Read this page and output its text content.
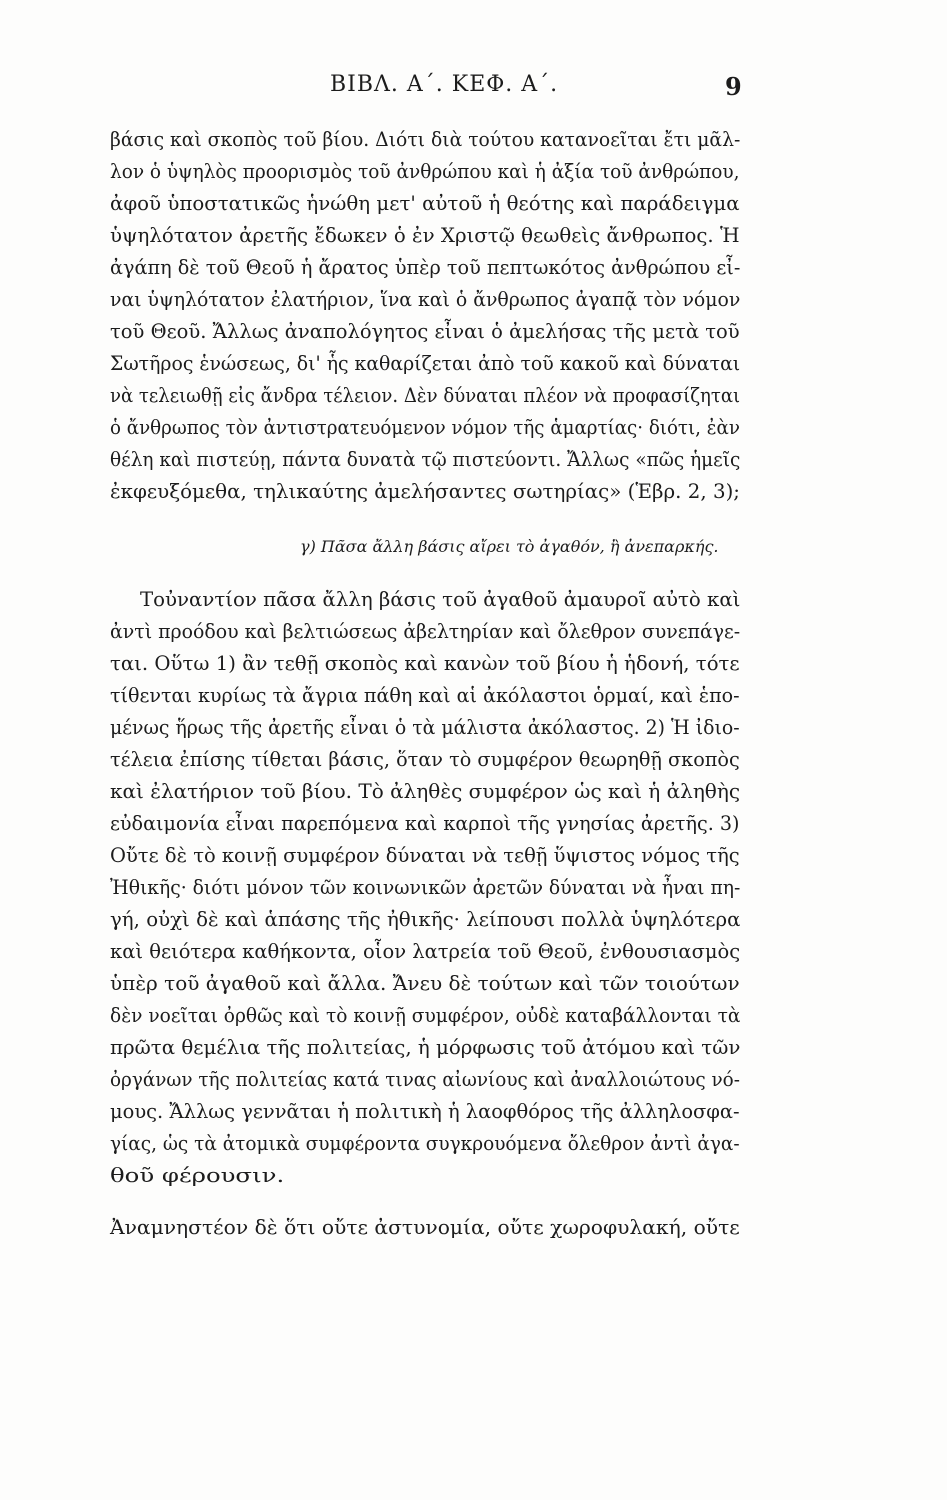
ΒΙΒΛ. Α΄. ΚΕΦ. Α΄.	9
βάσις καὶ σκοπὸς τοῦ βίου. Διότι διὰ τούτου κατανοεῖται ἔτι μᾶλ-
λον ὁ ὑψηλὸς προορισμὸς τοῦ ἀνθρώπου καὶ ἡ ἀξία τοῦ ἀνθρώπου,
ἀφοῦ ὑποστατικῶς ἡνώθη μετ' αὐτοῦ ἡ θεότης καὶ παράδειγμα
ὑψηλότατον ἀρετῆς ἔδωκεν ὁ ἐν Χριστῷ θεωθεὶς ἄνθρωπος. Ἡ
ἀγάπη δὲ τοῦ Θεοῦ ἡ ἄρατος ὑπὲρ τοῦ πεπτωκότος ἀνθρώπου εἶ-
ναι ὑψηλότατον ἐλατήριον, ἵνα καὶ ὁ ἄνθρωπος ἀγαπᾷ τὸν νόμον
τοῦ Θεοῦ. Ἄλλως ἀναπολόγητος εἶναι ὁ ἀμελήσας τῆς μετὰ τοῦ
Σωτῆρος ἑνώσεως, δι' ἧς καθαρίζεται ἀπὸ τοῦ κακοῦ καὶ δύναται
νὰ τελειωθῇ εἰς ἄνδρα τέλειον. Δὲν δύναται πλέον νὰ προφασίζηται
ὁ ἄνθρωπος τὸν ἀντιστρατευόμενον νόμον τῆς ἁμαρτίας· διότι, ἐὰν
θέλη καὶ πιστεύῃ, πάντα δυνατὰ τῷ πιστεύοντι. Ἄλλως «πῶς ἡμεῖς
ἐκφευξόμεθα, τηλικαύτης ἀμελήσαντες σωτηρίας» (Ἑβρ. 2, 3);
γ) Πᾶσα ἄλλη βάσις αἴρει τὸ ἀγαθόν, ἢ ἀνεπαρκής.
Τοὐναντίον πᾶσα ἄλλη βάσις τοῦ ἀγαθοῦ ἀμαυροῖ αὐτὸ καὶ
ἀντὶ προόδου καὶ βελτιώσεως ἀβελτηρίαν καὶ ὄλεθρον συνεπάγε-
ται. Οὕτω 1) ἂν τεθῇ σκοπὸς καὶ κανὼν τοῦ βίου ἡ ἡδονή, τότε
τίθενται κυρίως τὰ ἄγρια πάθη καὶ αἱ ἀκόλαστοι ὁρμαί, καὶ ἑπο-
μένως ἥρως τῆς ἀρετῆς εἶναι ὁ τὰ μάλιστα ἀκόλαστος. 2) Ἡ ἰδιο-
τέλεια ἐπίσης τίθεται βάσις, ὅταν τὸ συμφέρον θεωρηθῇ σκοπὸς
καὶ ἐλατήριον τοῦ βίου. Τὸ ἀληθὲς συμφέρον ὡς καὶ ἡ ἀληθὴς
εὐδαιμονία εἶναι παρεπόμενα καὶ καρποὶ τῆς γνησίας ἀρετῆς. 3)
Οὔτε δὲ τὸ κοινῇ συμφέρον δύναται νὰ τεθῇ ὕψιστος νόμος τῆς
Ἠθικῆς· διότι μόνον τῶν κοινωνικῶν ἀρετῶν δύναται νὰ ἦναι πη-
γή, οὐχὶ δὲ καὶ ἁπάσης τῆς ἠθικῆς· λείπουσι πολλὰ ὑψηλότερα
καὶ θειότερα καθήκοντα, οἷον λατρεία τοῦ Θεοῦ, ἐνθουσιασμὸς
ὑπὲρ τοῦ ἀγαθοῦ καὶ ἄλλα. Ἄνευ δὲ τούτων καὶ τῶν τοιούτων
δὲν νοεῖται ὀρθῶς καὶ τὸ κοινῇ συμφέρον, οὐδὲ καταβάλλονται τὰ
πρῶτα θεμέλια τῆς πολιτείας, ἡ μόρφωσις τοῦ ἀτόμου καὶ τῶν
ὀργάνων τῆς πολιτείας κατά τινας αἰωνίους καὶ ἀναλλοιώτους νό-
μους. Ἄλλως γεννᾶται ἡ πολιτικὴ ἡ λαοφθόρος τῆς ἀλληλοσφα-
γίας, ὡς τὰ ἀτομικὰ συμφέροντα συγκρουόμενα ὄλεθρον ἀντὶ ἀγα-
θοῦ φέρουσιν.
Ἀναμνηστέον δὲ ὅτι οὔτε ἀστυνομία, οὔτε χωροφυλακή, οὔτε
